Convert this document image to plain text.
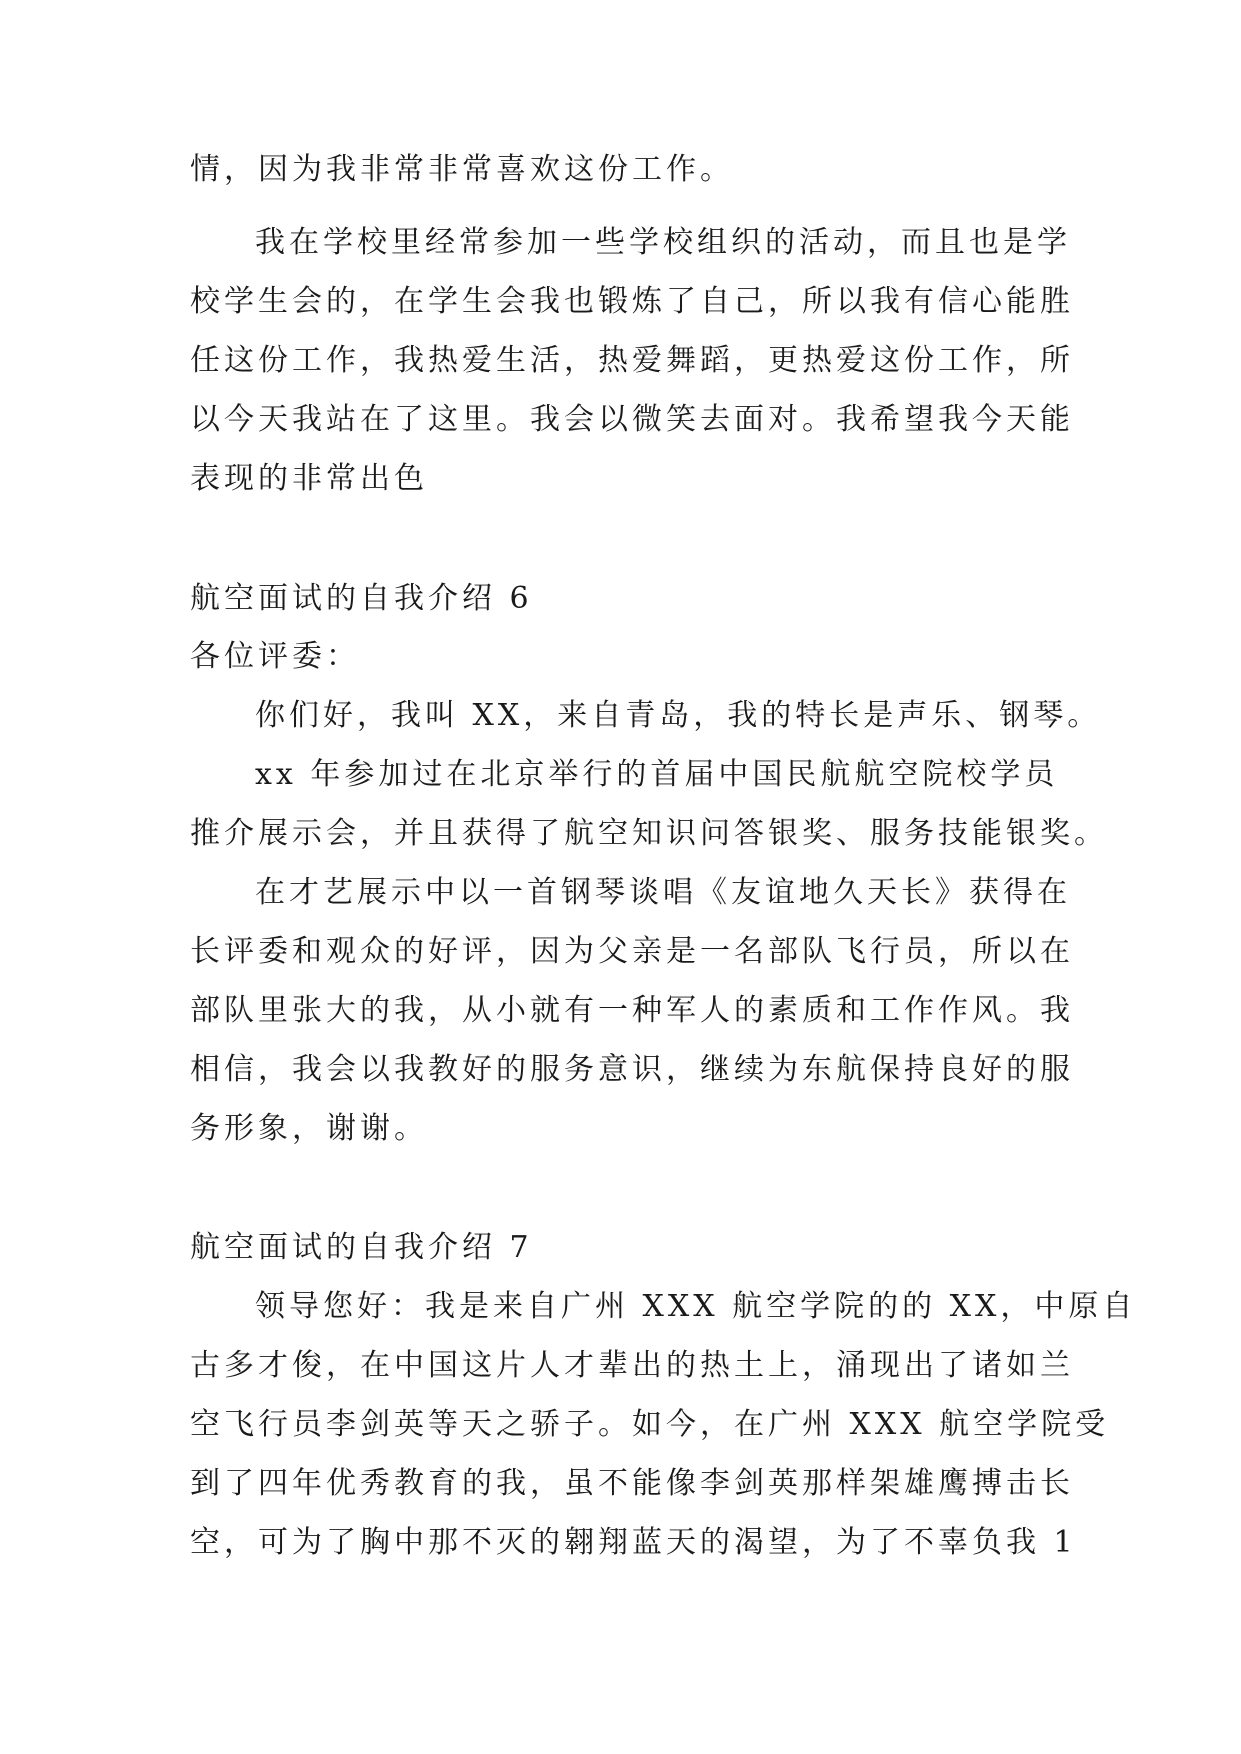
情，因为我非常非常喜欢这份工作。
我在学校里经常参加一些学校组织的活动，而且也是学
校学生会的，在学生会我也锻炼了自己，所以我有信心能胜
任这份工作，我热爱生活，热爱舞蹈，更热爱这份工作，所
以今天我站在了这里。我会以微笑去面对。我希望我今天能
表现的非常出色
航空面试的自我介绍 6
各位评委：
你们好，我叫 XX，来自青岛，我的特长是声乐、钢琴。
xx 年参加过在北京举行的首届中国民航航空院校学员
推介展示会，并且获得了航空知识问答银奖、服务技能银奖。
在才艺展示中以一首钢琴谈唱《友谊地久天长》获得在
长评委和观众的好评，因为父亲是一名部队飞行员，所以在
部队里张大的我，从小就有一种军人的素质和工作作风。我
相信，我会以我教好的服务意识，继续为东航保持良好的服
务形象，谢谢。
航空面试的自我介绍 7
领导您好：我是来自广州 XXX 航空学院的的 XX，中原自
古多才俊，在中国这片人才辈出的热土上，涌现出了诸如兰
空飞行员李剑英等天之骄子。如今，在广州 XXX 航空学院受
到了四年优秀教育的我，虽不能像李剑英那样架雄鹰搏击长
空，可为了胸中那不灭的翱翔蓝天的渴望，为了不辜负我 1
